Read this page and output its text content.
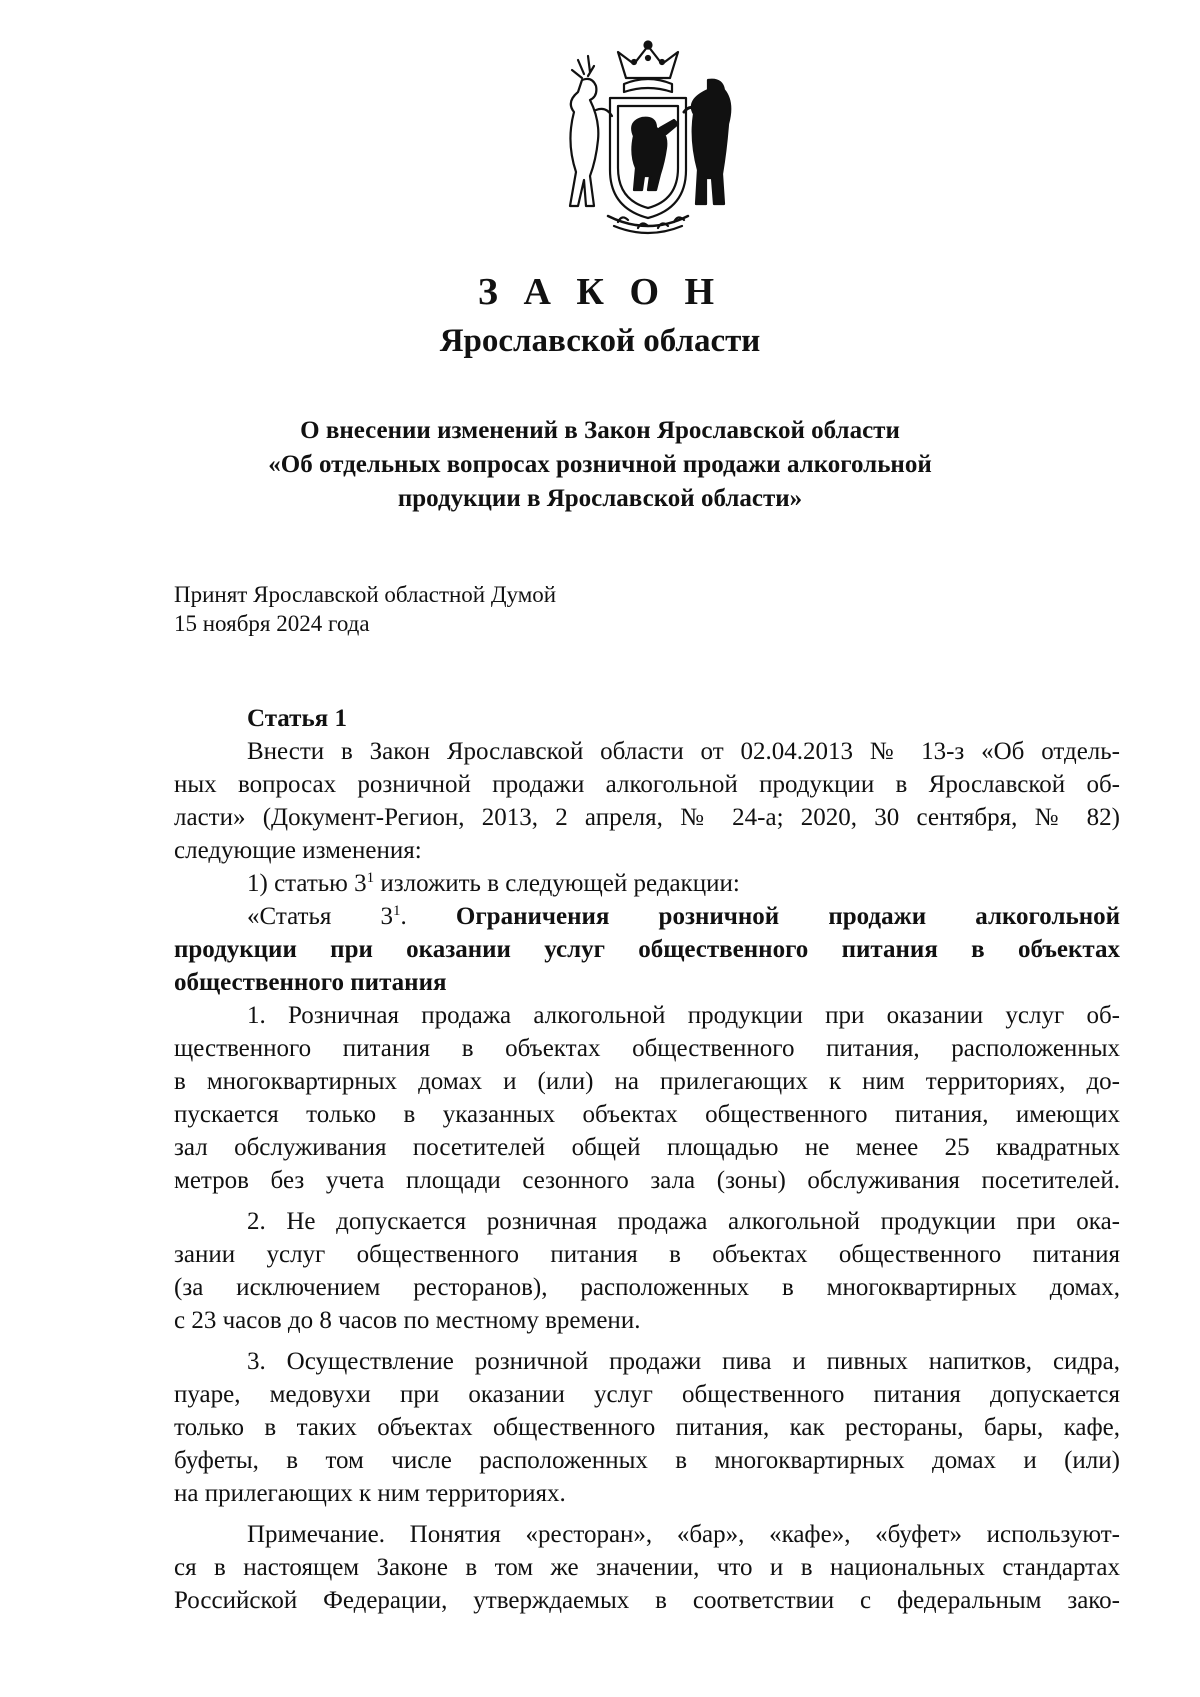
З А К О Н
Ярославской области
О внесении изменений в Закон Ярославской области
«Об отдельных вопросах розничной продажи алкогольной
продукции в Ярославской области»
Принят Ярославской областной Думой
15 ноября 2024 года
Статья 1
Внести в Закон Ярославской области от 02.04.2013 № 13-з «Об отдель-
ных вопросах розничной продажи алкогольной продукции в Ярославской об-
ласти» (Документ-Регион, 2013, 2 апреля, № 24-а; 2020, 30 сентября, № 82)
следующие изменения:
1) статью $3^1$ изложить в следующей редакции:
«Статья $3^1$. Ограничения розничной продажи алкогольной
продукции при оказании услуг общественного питания в объектах
общественного питания
1. Розничная продажа алкогольной продукции при оказании услуг об-
щественного питания в объектах общественного питания, расположенных
в многоквартирных домах и (или) на прилегающих к ним территориях, до-
пускается только в указанных объектах общественного питания, имеющих
зал обслуживания посетителей общей площадью не менее 25 квадратных
метров без учета площади сезонного зала (зоны) обслуживания посетителей.
2. Не допускается розничная продажа алкогольной продукции при ока-
зании услуг общественного питания в объектах общественного питания
(за исключением ресторанов), расположенных в многоквартирных домах,
с 23 часов до 8 часов по местному времени.
3. Осуществление розничной продажи пива и пивных напитков, сидра,
пуаре, медовухи при оказании услуг общественного питания допускается
только в таких объектах общественного питания, как рестораны, бары, кафе,
буфеты, в том числе расположенных в многоквартирных домах и (или)
на прилегающих к ним территориях.
Примечание. Понятия «ресторан», «бар», «кафе», «буфет» используют-
ся в настоящем Законе в том же значении, что и в национальных стандартах
Российской Федерации, утверждаемых в соответствии с федеральным зако-
